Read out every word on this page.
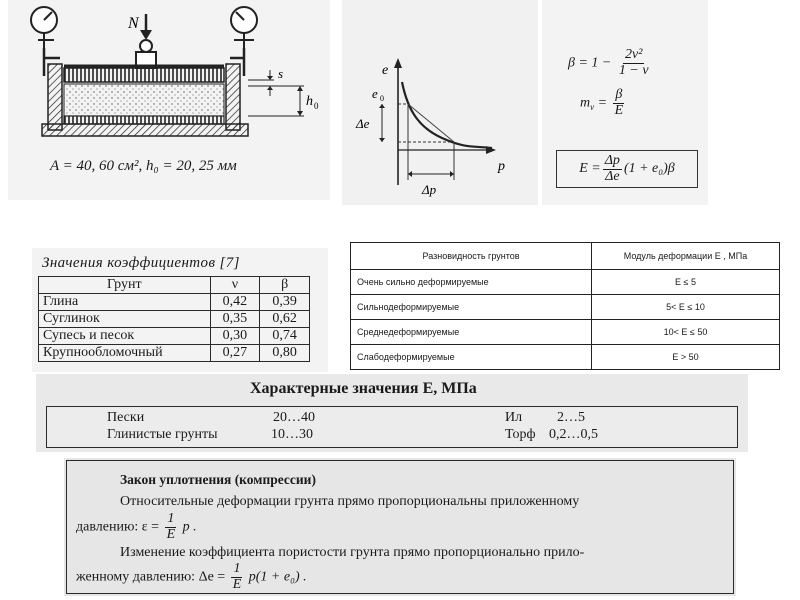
N
s
h 0
A = 40, 60 см², h₀ = 20, 25 мм
e
p
e 0
Δe
Δp
$\beta = 1 - \frac{\text{2ν²}}{1 - \nu}$
$m_\nu = \frac{\beta}{E}$
$E = \frac{\Delta p}{\Delta e} (1 + e_0)\beta$
Значения коэффициентов [7]
Грунт	ν	β
Глина	0,42	0,39
Суглинок	0,35	0,62
Супесь и песок	0,30	0,74
Крупнообломочный	0,27	0,80
Разновидность грунтов	Модуль деформации E , МПа
Очень сильно деформируемые	E ≤ 5
Сильнодеформируемые	5< E ≤ 10
Среднедеформируемые	10< E ≤ 50
Слабодеформируемые	E > 50
Характерные значения E, МПа
Пески	20…40
Глинистые грунты	10…30
Ил 2…5
Торф 0,2…0,5
Закон уплотнения (компрессии)
Относительные деформации грунта прямо пропорциональны приложенному
давлению: $\varepsilon = \frac{1}{E}$ p .
Изменение коэффициента пористости грунта прямо пропорционально прило-
женному давлению: $\Delta e = \frac{1}{E} p(1 + e_0)$ .
